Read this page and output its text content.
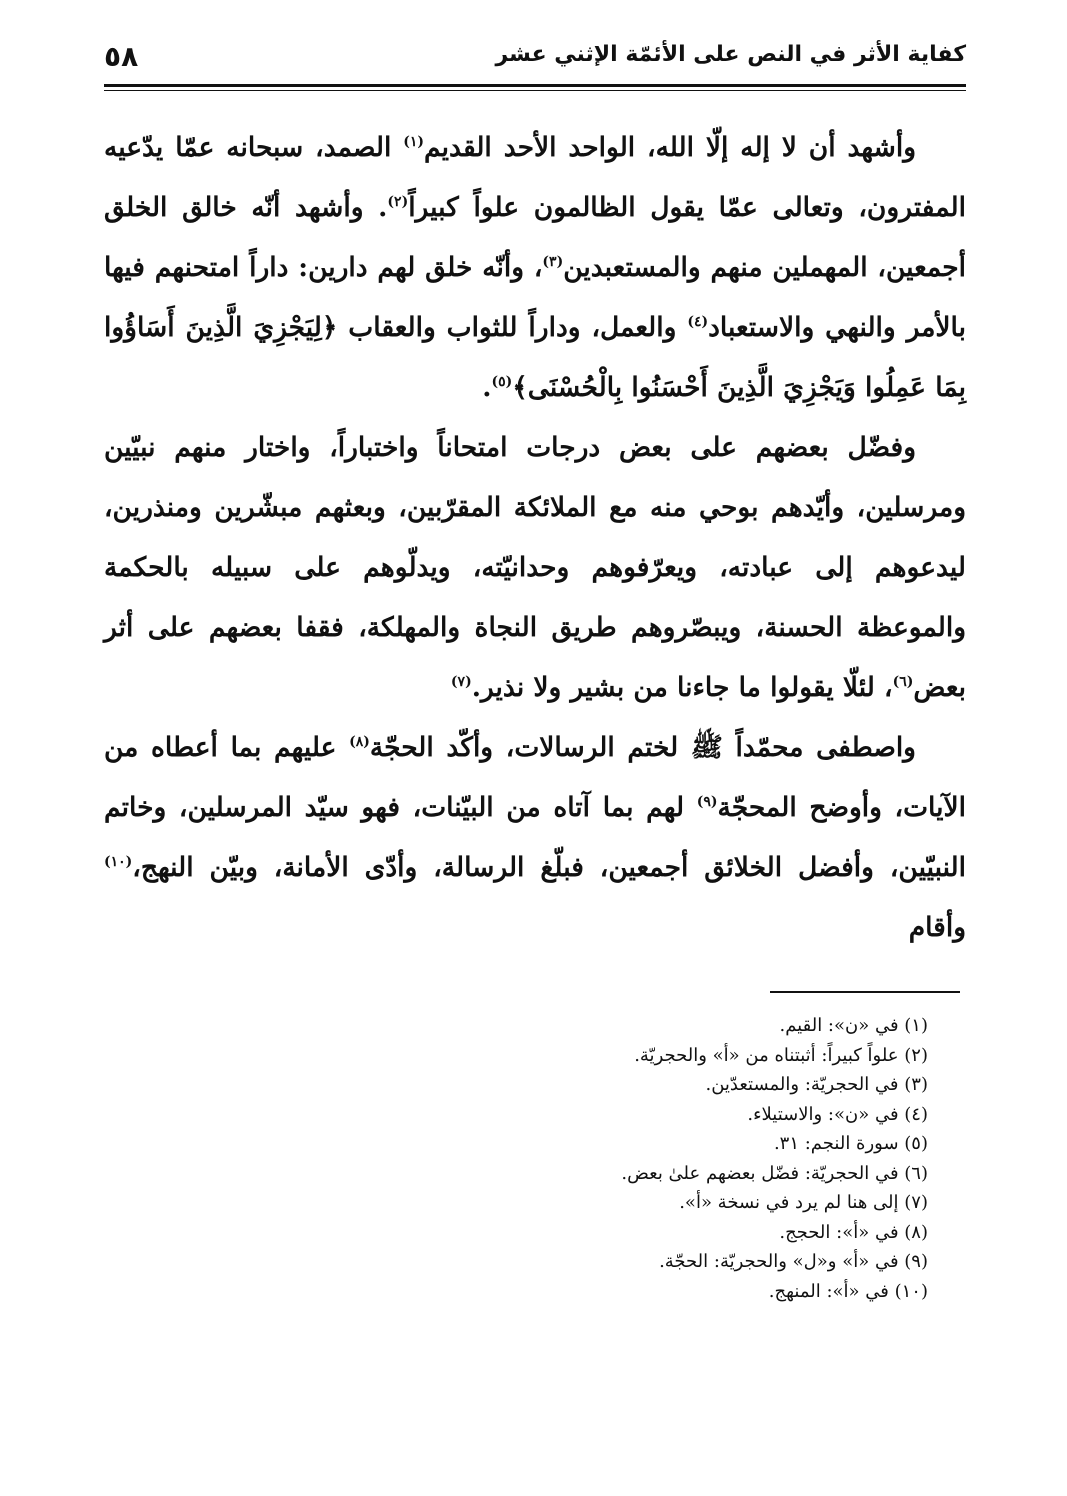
٥٨	كفاية الأثر في النص على الأئمّة الإثني عشر

وأشهد أن لا إله إلّا الله، الواحد الأحد القديم$^{(١)}$ الصمد، سبحانه عمّا يدّعيه المفترون، وتعالى عمّا يقول الظالمون علواً كبيراً$^{(٢)}$. وأشهد أنّه خالق الخلق أجمعين، المهملين منهم والمستعبدين$^{(٣)}$، وأنّه خلق لهم دارين: داراً امتحنهم فيها بالأمر والنهي والاستعباد$^{(٤)}$ والعمل، وداراً للثواب والعقاب ﴿لِيَجْزِيَ الَّذِينَ أَسَاؤُوا بِمَا عَمِلُوا وَيَجْزِيَ الَّذِينَ أَحْسَنُوا بِالْحُسْنَى﴾$^{(٥)}$.

وفضّل بعضهم على بعض درجات امتحاناً واختباراً، واختار منهم نبيّين ومرسلين، وأيّدهم بوحي منه مع الملائكة المقرّبين، وبعثهم مبشّرين ومنذرين، ليدعوهم إلى عبادته، ويعرّفوهم وحدانيّته، ويدلّوهم على سبيله بالحكمة والموعظة الحسنة، ويبصّروهم طريق النجاة والمهلكة، فقفا بعضهم على أثر بعض$^{(٦)}$، لئلّا يقولوا ما جاءنا من بشير ولا نذير.$^{(٧)}$

واصطفى محمّداً ﷺ لختم الرسالات، وأكّد الحجّة$^{(٨)}$ عليهم بما أعطاه من الآيات، وأوضح المحجّة$^{(٩)}$ لهم بما آتاه من البيّنات، فهو سيّد المرسلين، وخاتم النبيّين، وأفضل الخلائق أجمعين، فبلّغ الرسالة، وأدّى الأمانة، وبيّن النهج،$^{(١٠)}$ وأقام

(١) في «ن»: القيم.

(٢) علواً كبيراً: أثبتناه من «أ» والحجريّة.

(٣) في الحجريّة: والمستعدّين.

(٤) في «ن»: والاستيلاء.

(٥) سورة النجم: ٣١.

(٦) في الحجريّة: فضّل بعضهم علىٰ بعض.

(٧) إلى هنا لم يرد في نسخة «أ».

(٨) في «أ»: الحجج.

(٩) في «أ» و«ل» والحجريّة: الحجّة.

(١٠) في «أ»: المنهج.
